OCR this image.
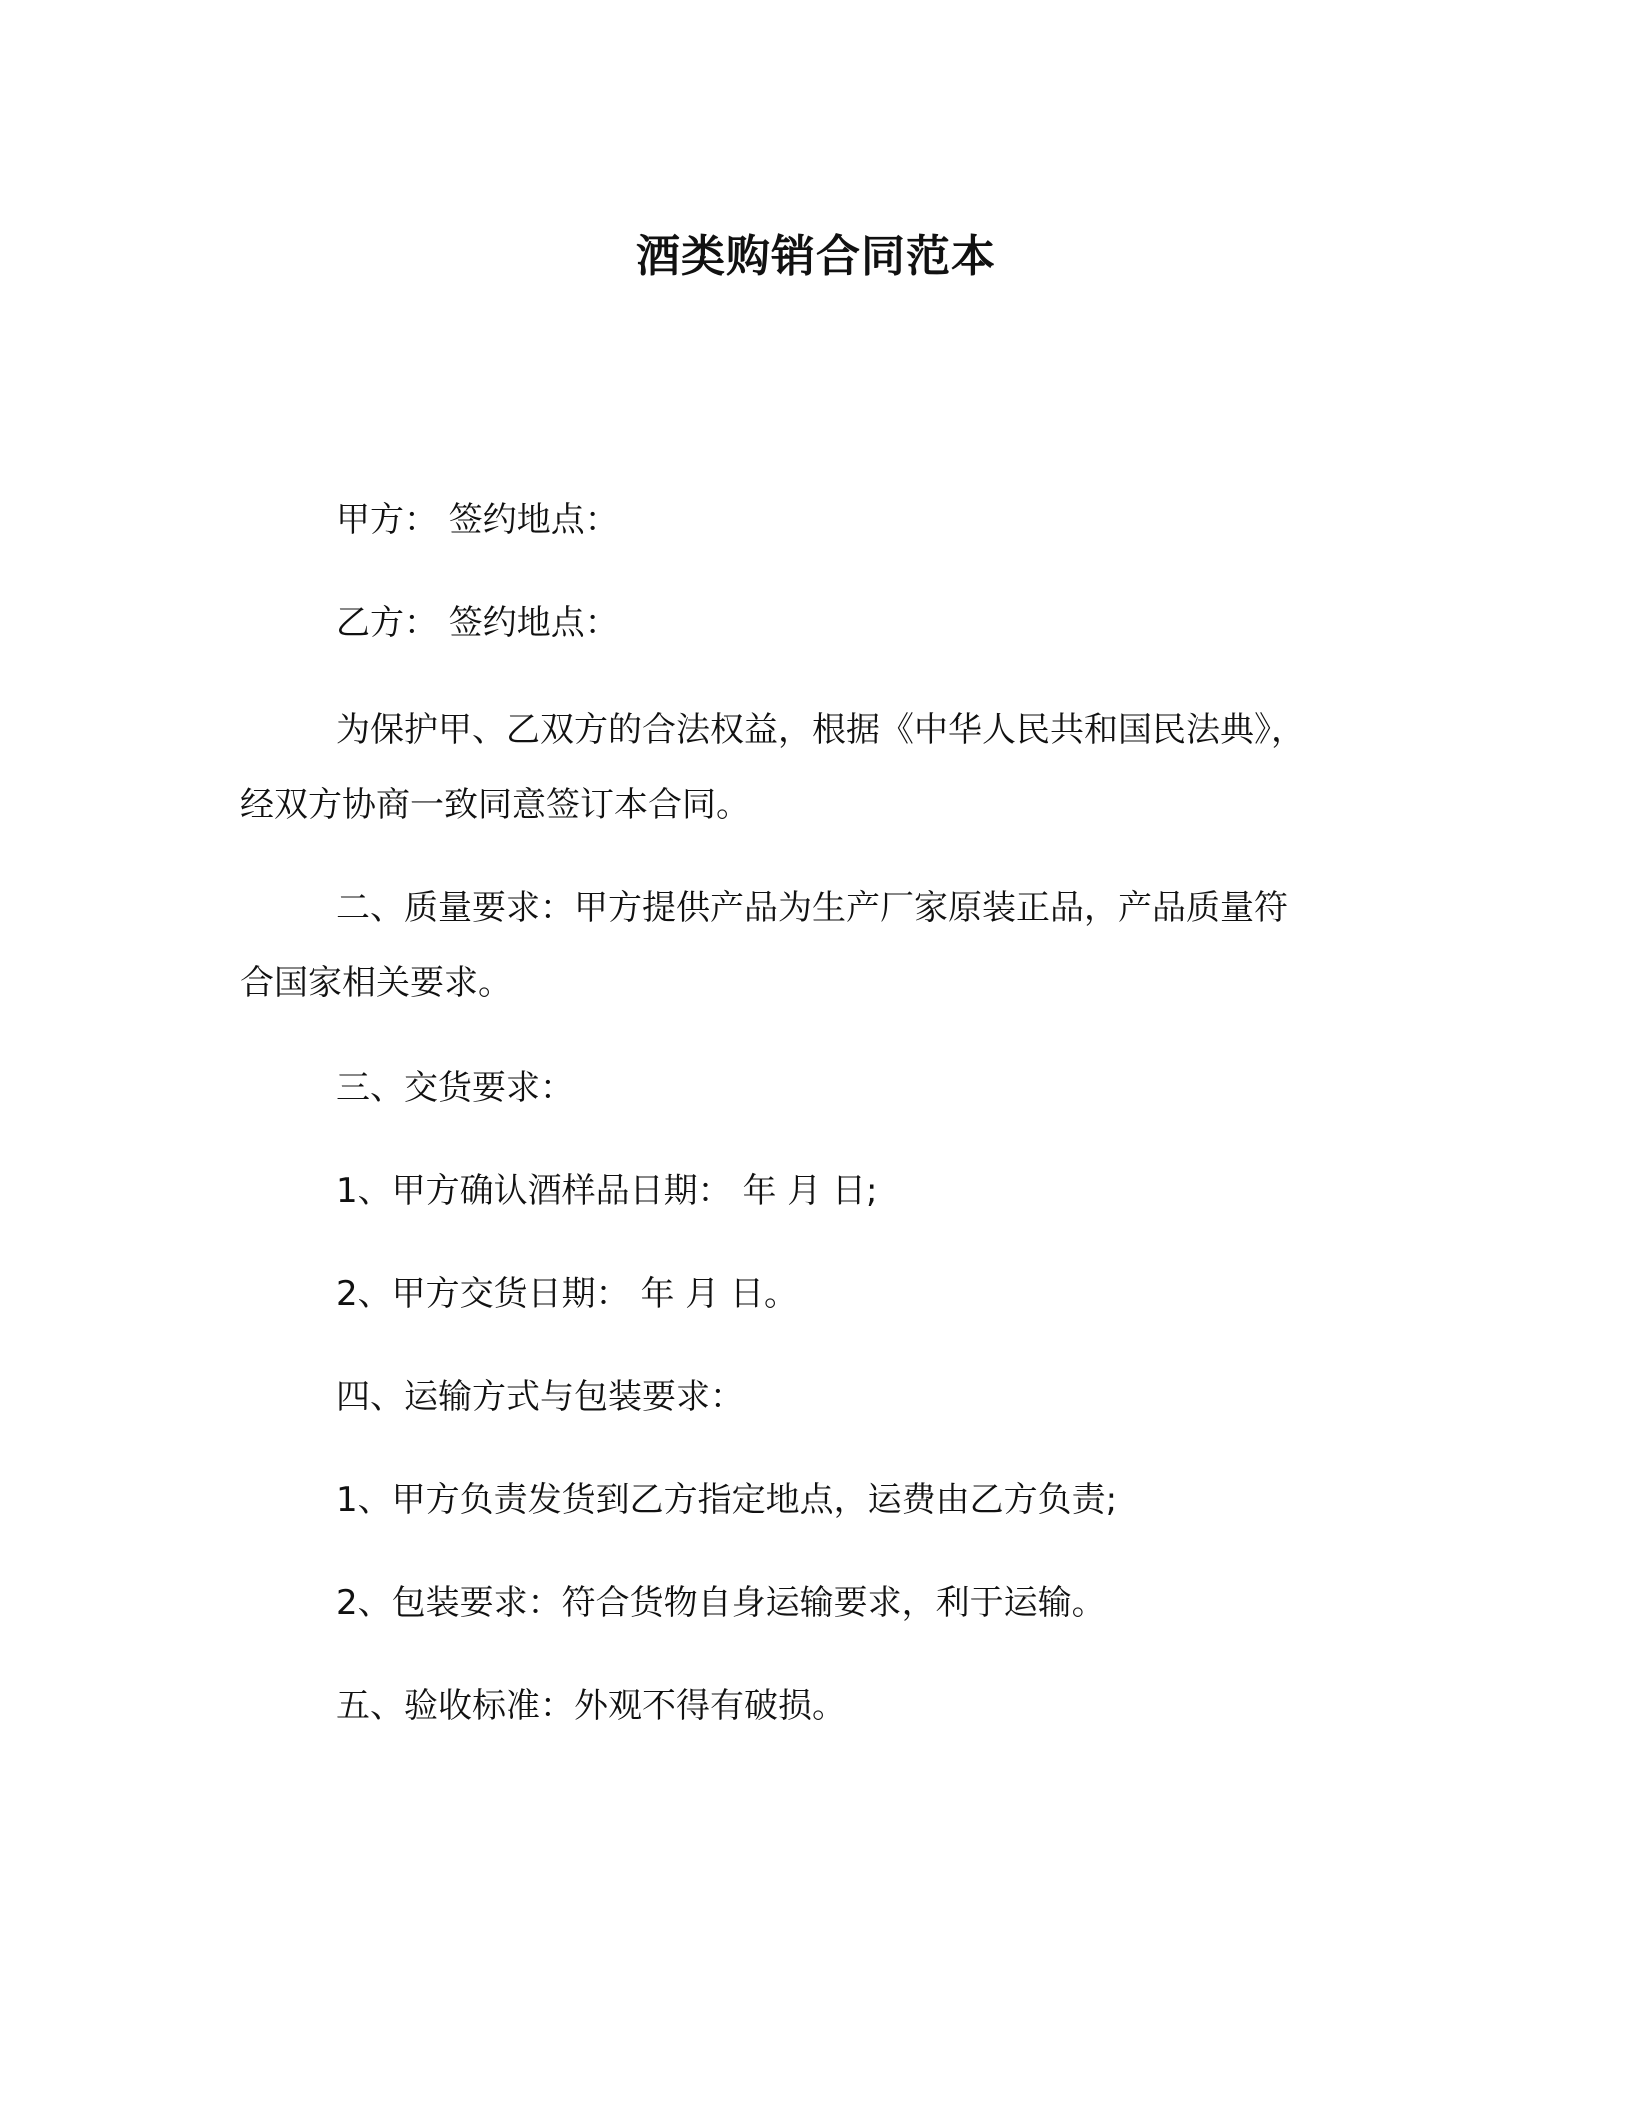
酒类购销合同范本
甲方： 签约地点：
乙方： 签约地点：
为保护甲、乙双方的合法权益，根据《中华人民共和国民法典》，
经双方协商一致同意签订本合同。
二、质量要求：甲方提供产品为生产厂家原装正品，产品质量符
合国家相关要求。
三、交货要求：
1、甲方确认酒样品日期： 年 月 日;
2、甲方交货日期： 年 月 日。
四、运输方式与包装要求：
1、甲方负责发货到乙方指定地点，运费由乙方负责;
2、包装要求：符合货物自身运输要求，利于运输。
五、验收标准：外观不得有破损。
